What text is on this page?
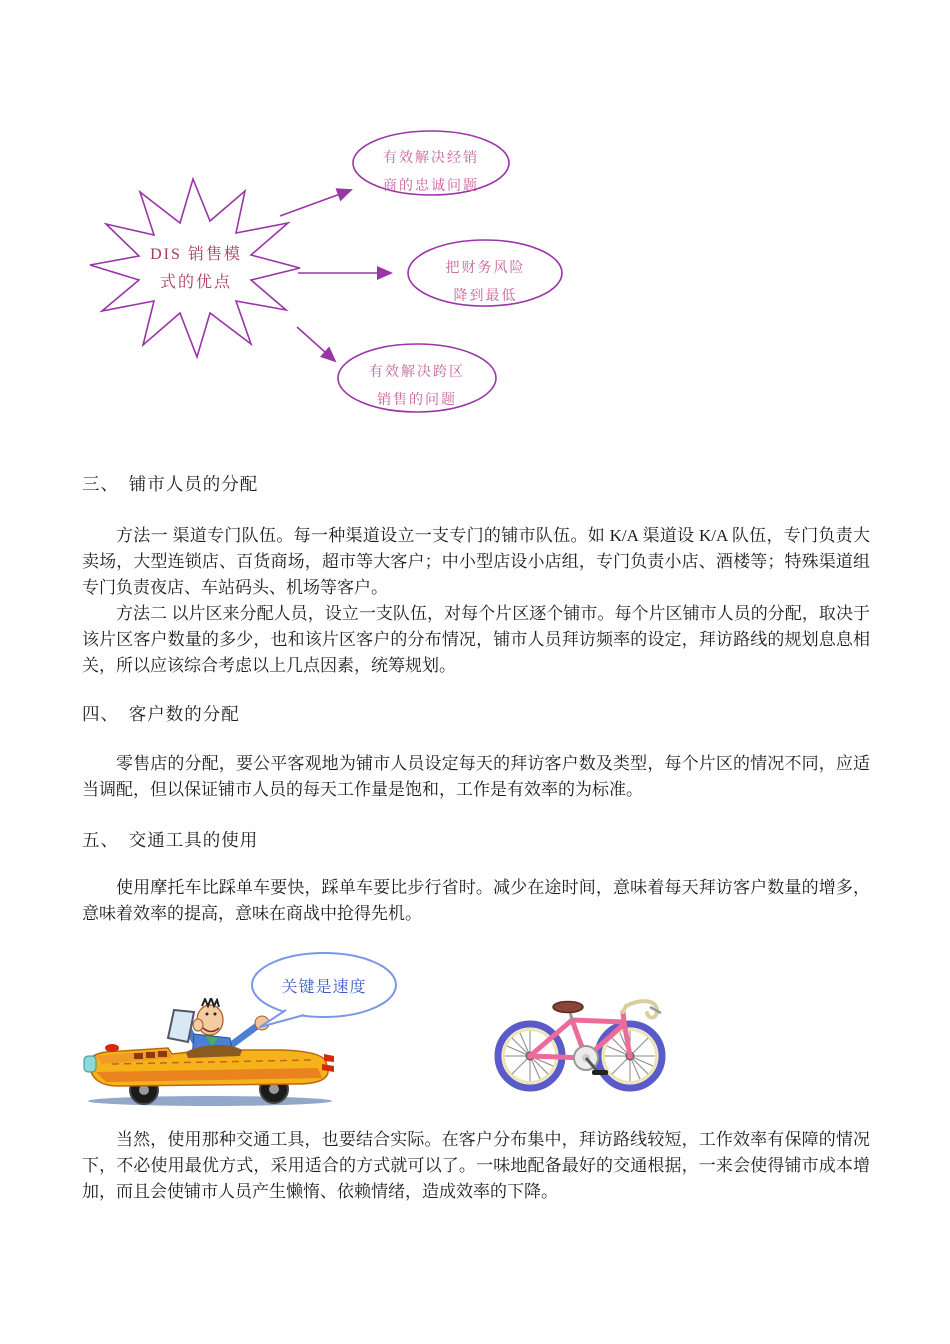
DIS 销售模
式的优点
有效解决经销
商的忠诚问题
把财务风险
降到最低
有效解决跨区
销售的问题
三、　铺市人员的分配

方法一 渠道专门队伍。每一种渠道设立一支专门的铺市队伍。如 K/A 渠道设 K/A 队伍，专门负责大卖场，大型连锁店、百货商场，超市等大客户；中小型店设小店组，专门负责小店、酒楼等；特殊渠道组专门负责夜店、车站码头、机场等客户。

方法二 以片区来分配人员，设立一支队伍，对每个片区逐个铺市。每个片区铺市人员的分配，取决于该片区客户数量的多少，也和该片区客户的分布情况，铺市人员拜访频率的设定，拜访路线的规划息息相关，所以应该综合考虑以上几点因素，统筹规划。

四、　客户数的分配

零售店的分配，要公平客观地为铺市人员设定每天的拜访客户数及类型，每个片区的情况不同，应适当调配，但以保证铺市人员的每天工作量是饱和，工作是有效率的为标准。

五、　交通工具的使用

使用摩托车比踩单车要快，踩单车要比步行省时。减少在途时间，意味着每天拜访客户数量的增多，意味着效率的提高，意味在商战中抢得先机。

关键是速度

当然，使用那种交通工具，也要结合实际。在客户分布集中，拜访路线较短，工作效率有保障的情况下，不必使用最优方式，采用适合的方式就可以了。一味地配备最好的交通根据，一来会使得铺市成本增加，而且会使铺市人员产生懒惰、依赖情绪，造成效率的下降。
